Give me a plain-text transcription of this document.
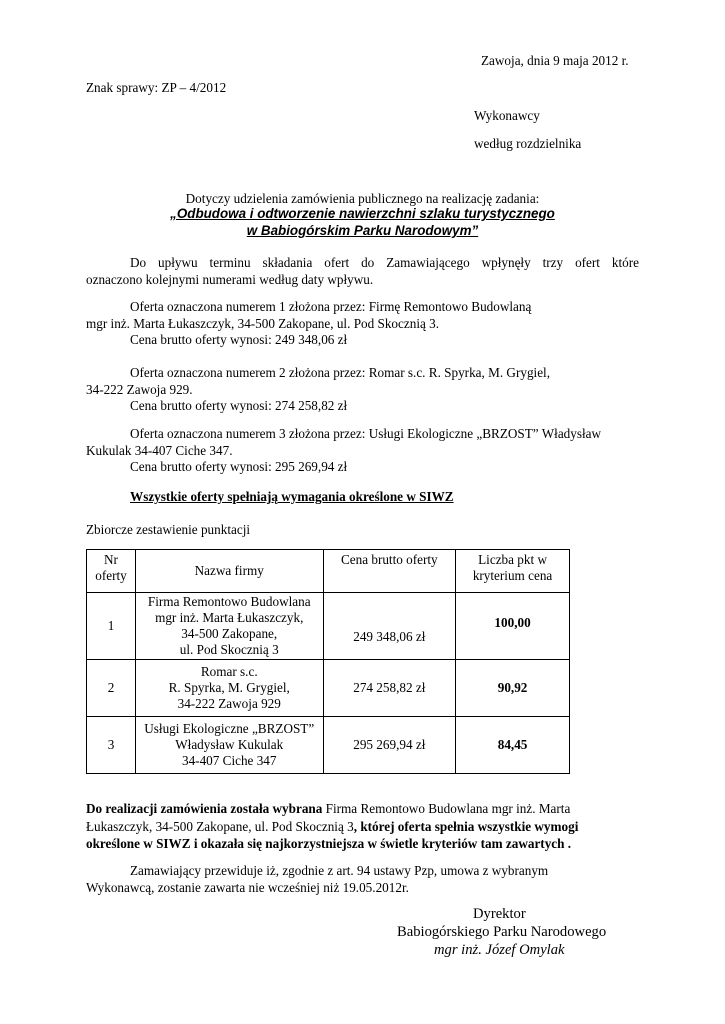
Zawoja, dnia 9 maja 2012 r.
Znak sprawy: ZP – 4/2012
Wykonawcy
według rozdzielnika
Dotyczy udzielenia zamówienia publicznego na realizację zadania:
„Odbudowa i odtworzenie nawierzchni szlaku turystycznego
w Babiogórskim Parku Narodowym”
Do upływu terminu składania ofert do Zamawiającego wpłynęły trzy ofert które
oznaczono kolejnymi numerami według daty wpływu.
Oferta oznaczona numerem 1 złożona przez: Firmę Remontowo Budowlaną
mgr inż. Marta Łukaszczyk, 34-500 Zakopane, ul. Pod Skocznią 3.
Cena brutto oferty wynosi: 249 348,06 zł
Oferta oznaczona numerem 2 złożona przez: Romar s.c. R. Spyrka, M. Grygiel,
34-222 Zawoja 929.
Cena brutto oferty wynosi: 274 258,82 zł
Oferta oznaczona numerem 3 złożona przez: Usługi Ekologiczne „BRZOST” Władysław
Kukulak 34-407 Ciche 347.
Cena brutto oferty wynosi: 295 269,94 zł
Wszystkie oferty spełniają wymagania określone w SIWZ
Zbiorcze zestawienie punktacji
Nr oferty	Nazwa firmy	Cena brutto oferty	Liczba pkt w kryterium cena
1	Firma Remontowo Budowlana
mgr inż. Marta Łukaszczyk,
34-500 Zakopane,
ul. Pod Skocznią 3	249 348,06 zł	100,00
2	Romar s.c.
R. Spyrka, M. Grygiel,
34-222 Zawoja 929	274 258,82 zł	90,92
3	Usługi Ekologiczne „BRZOST”
Władysław Kukulak
34-407 Ciche 347	295 269,94 zł	84,45
Do realizacji zamówienia została wybrana Firma Remontowo Budowlana mgr inż. Marta
Łukaszczyk, 34-500 Zakopane, ul. Pod Skocznią 3, której oferta spełnia wszystkie wymogi
określone w SIWZ i okazała się najkorzystniejsza w świetle kryteriów tam zawartych .
Zamawiający przewiduje iż, zgodnie z art. 94 ustawy Pzp, umowa z wybranym
Wykonawcą, zostanie zawarta nie wcześniej niż 19.05.2012r.
Dyrektor
Babiogórskiego Parku Narodowego
mgr inż. Józef Omylak
